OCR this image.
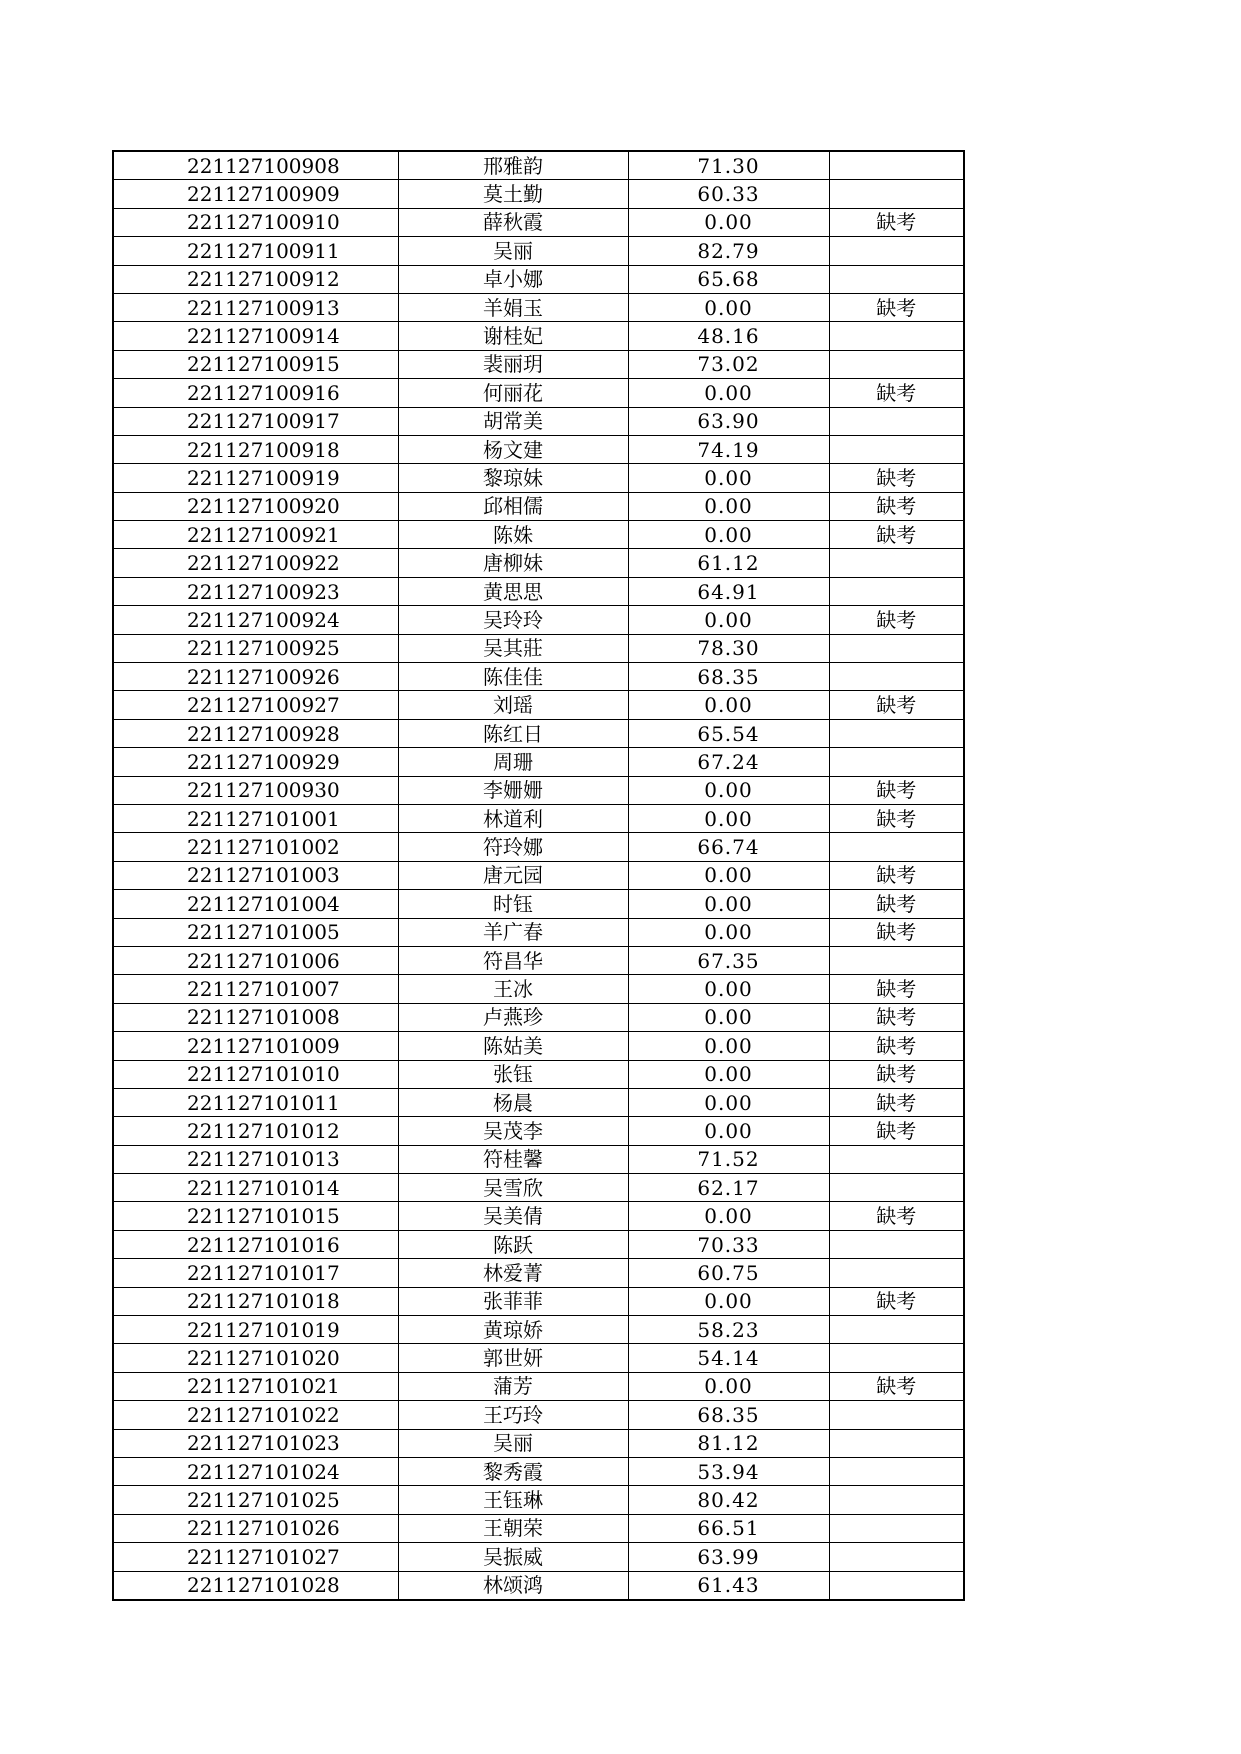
221127100908	邢雅韵	71.30	
221127100909	莫土勤	60.33	
221127100910	薛秋霞	0.00	缺考
221127100911	吴丽	82.79	
221127100912	卓小娜	65.68	
221127100913	羊娟玉	0.00	缺考
221127100914	谢桂妃	48.16	
221127100915	裴丽玥	73.02	
221127100916	何丽花	0.00	缺考
221127100917	胡常美	63.90	
221127100918	杨文建	74.19	
221127100919	黎琼妹	0.00	缺考
221127100920	邱相儒	0.00	缺考
221127100921	陈姝	0.00	缺考
221127100922	唐柳妹	61.12	
221127100923	黄思思	64.91	
221127100924	吴玲玲	0.00	缺考
221127100925	吴其莊	78.30	
221127100926	陈佳佳	68.35	
221127100927	刘瑶	0.00	缺考
221127100928	陈红日	65.54	
221127100929	周珊	67.24	
221127100930	李姗姗	0.00	缺考
221127101001	林道利	0.00	缺考
221127101002	符玲娜	66.74	
221127101003	唐元园	0.00	缺考
221127101004	时钰	0.00	缺考
221127101005	羊广春	0.00	缺考
221127101006	符昌华	67.35	
221127101007	王冰	0.00	缺考
221127101008	卢燕珍	0.00	缺考
221127101009	陈姑美	0.00	缺考
221127101010	张钰	0.00	缺考
221127101011	杨晨	0.00	缺考
221127101012	吴茂李	0.00	缺考
221127101013	符桂馨	71.52	
221127101014	吴雪欣	62.17	
221127101015	吴美倩	0.00	缺考
221127101016	陈跃	70.33	
221127101017	林爱菁	60.75	
221127101018	张菲菲	0.00	缺考
221127101019	黄琼娇	58.23	
221127101020	郭世妍	54.14	
221127101021	蒲芳	0.00	缺考
221127101022	王巧玲	68.35	
221127101023	吴丽	81.12	
221127101024	黎秀霞	53.94	
221127101025	王钰琳	80.42	
221127101026	王朝荣	66.51	
221127101027	吴振威	63.99	
221127101028	林颂鸿	61.43	
